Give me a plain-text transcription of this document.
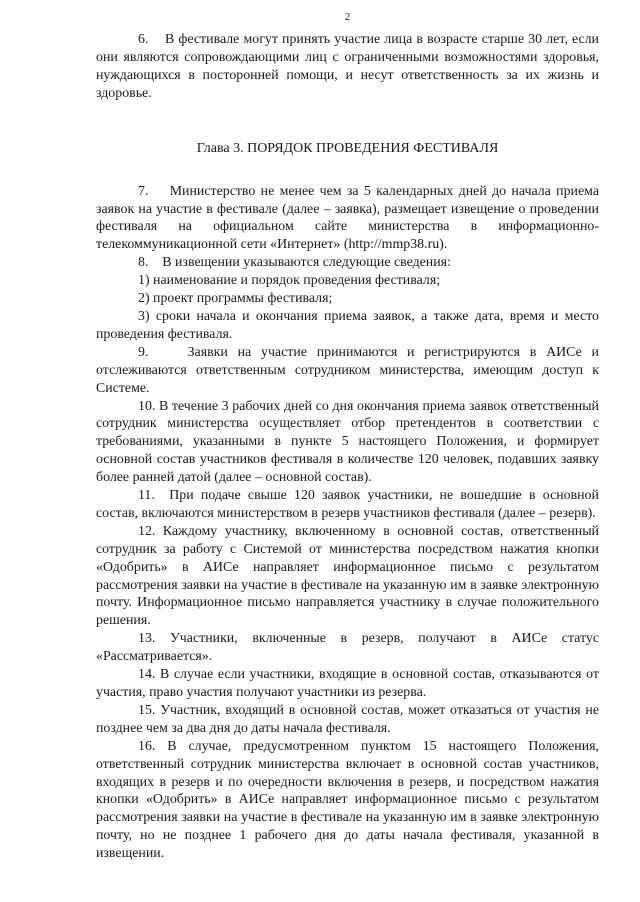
2

6.    В фестивале могут принять участие лица в возрасте старше 30 лет, если они являются сопровождающими лиц с ограниченными возможностями здоровья, нуждающихся в посторонней помощи, и несут ответственность за их жизнь и здоровье.

Глава 3. ПОРЯДОК ПРОВЕДЕНИЯ ФЕСТИВАЛЯ

7.    Министерство не менее чем за 5 календарных дней до начала приема заявок на участие в фестивале (далее – заявка), размещает извещение о проведении фестиваля на официальном сайте министерства в информационно-телекоммуникационной сети «Интернет» (http://mmp38.ru).

8.    В извещении указываются следующие сведения:

1) наименование и порядок проведения фестиваля;

2) проект программы фестиваля;

3) сроки начала и окончания приема заявок, а также дата, время и место проведения фестиваля.

9.    Заявки на участие принимаются и регистрируются в АИСе и отслеживаются ответственным сотрудником министерства, имеющим доступ к Системе.

10. В течение 3 рабочих дней со дня окончания приема заявок ответственный сотрудник министерства осуществляет отбор претендентов в соответствии с требованиями, указанными в пункте 5 настоящего Положения, и формирует основной состав участников фестиваля в количестве 120 человек, подавших заявку более ранней датой (далее – основной состав).

11.  При подаче свыше 120 заявок участники, не вошедшие в основной состав, включаются министерством в резерв участников фестиваля (далее – резерв).

12. Каждому участнику, включенному в основной состав, ответственный сотрудник за работу с Системой от министерства посредством нажатия кнопки «Одобрить» в АИСе направляет информационное письмо с результатом рассмотрения заявки на участие в фестивале на указанную им в заявке электронную почту. Информационное письмо направляется участнику в случае положительного решения.

13. Участники, включенные в резерв, получают в АИСе статус «Рассматривается».

14. В случае если участники, входящие в основной состав, отказываются от участия, право участия получают участники из резерва.

15. Участник, входящий в основной состав, может отказаться от участия не позднее чем за два дня до даты начала фестиваля.

16. В случае, предусмотренном пунктом 15 настоящего Положения, ответственный сотрудник министерства включает в основной состав участников, входящих в резерв и по очередности включения в резерв, и посредством нажатия кнопки «Одобрить» в АИСе направляет информационное письмо с результатом рассмотрения заявки на участие в фестивале на указанную им в заявке электронную почту, но не позднее 1 рабочего дня до даты начала фестиваля, указанной в извещении.
